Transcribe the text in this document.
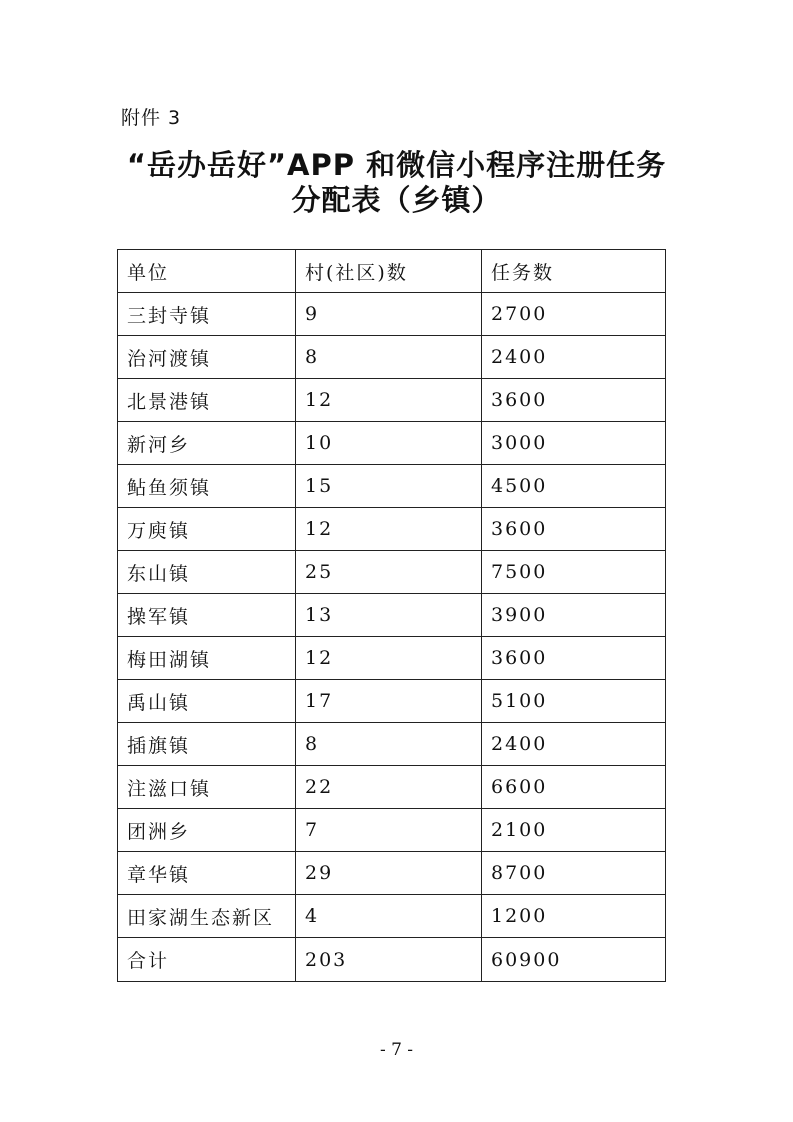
附件 3
“岳办岳好”APP 和微信小程序注册任务
分配表（乡镇）
单位	村(社区)数	任务数
三封寺镇	9	2700
治河渡镇	8	2400
北景港镇	12	3600
新河乡	10	3000
鲇鱼须镇	15	4500
万庾镇	12	3600
东山镇	25	7500
操军镇	13	3900
梅田湖镇	12	3600
禹山镇	17	5100
插旗镇	8	2400
注滋口镇	22	6600
团洲乡	7	2100
章华镇	29	8700
田家湖生态新区	4	1200
合计	203	60900
- 7 -
